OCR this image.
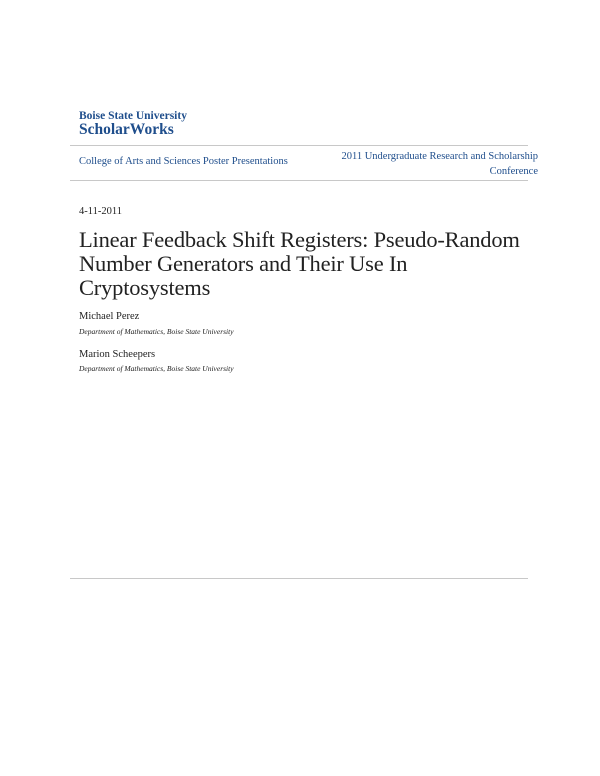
Boise State University
ScholarWorks
College of Arts and Sciences Poster Presentations	2011 Undergraduate Research and Scholarship Conference
4-11-2011
Linear Feedback Shift Registers: Pseudo-Random Number Generators and Their Use In Cryptosystems
Michael Perez
Department of Mathematics, Boise State University
Marion Scheepers
Department of Mathematics, Boise State University
